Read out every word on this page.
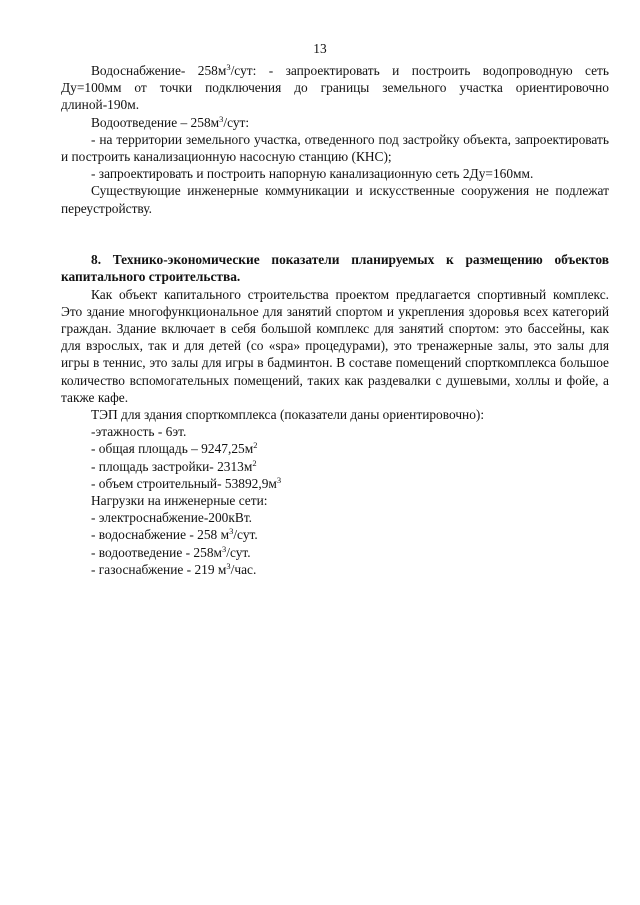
13

Водоснабжение- $258м^3$/сут: - запроектировать и построить водопроводную сеть Ду=100мм от точки подключения до границы земельного участка ориентировочно длиной-190м.

Водоотведение – $258м^3$/сут:

- на территории земельного участка, отведенного под застройку объекта, запроектировать и построить канализационную насосную станцию (КНС);

- запроектировать и построить напорную канализационную сеть 2Ду=160мм.

Существующие инженерные коммуникации и искусственные сооружения не подлежат переустройству.

8. Технико-экономические показатели планируемых к размещению объектов капитального строительства.

Как объект капитального строительства проектом предлагается спортивный комплекс. Это здание многофункциональное для занятий спортом и укрепления здоровья всех категорий граждан. Здание включает в себя большой комплекс для занятий спортом: это бассейны, как для взрослых, так и для детей (со «spa» процедурами), это тренажерные залы, это залы для игры в теннис, это залы для игры в бадминтон. В составе помещений спорткомплекса большое количество вспомогательных помещений, таких как раздевалки с душевыми, холлы и фойе, а также кафе.

ТЭП для здания спорткомплекса (показатели даны ориентировочно):

-этажность - 6эт.

- общая площадь – $9247,25м^2$

- площадь застройки- $2313м^2$

- объем строительный- $53892,9м^3$

Нагрузки на инженерные сети:

- электроснабжение-200кВт.

- водоснабжение - 258 $м^3$/сут.

- водоотведение - $258м^3$/сут.

- газоснабжение - 219 $м^3$/час.
